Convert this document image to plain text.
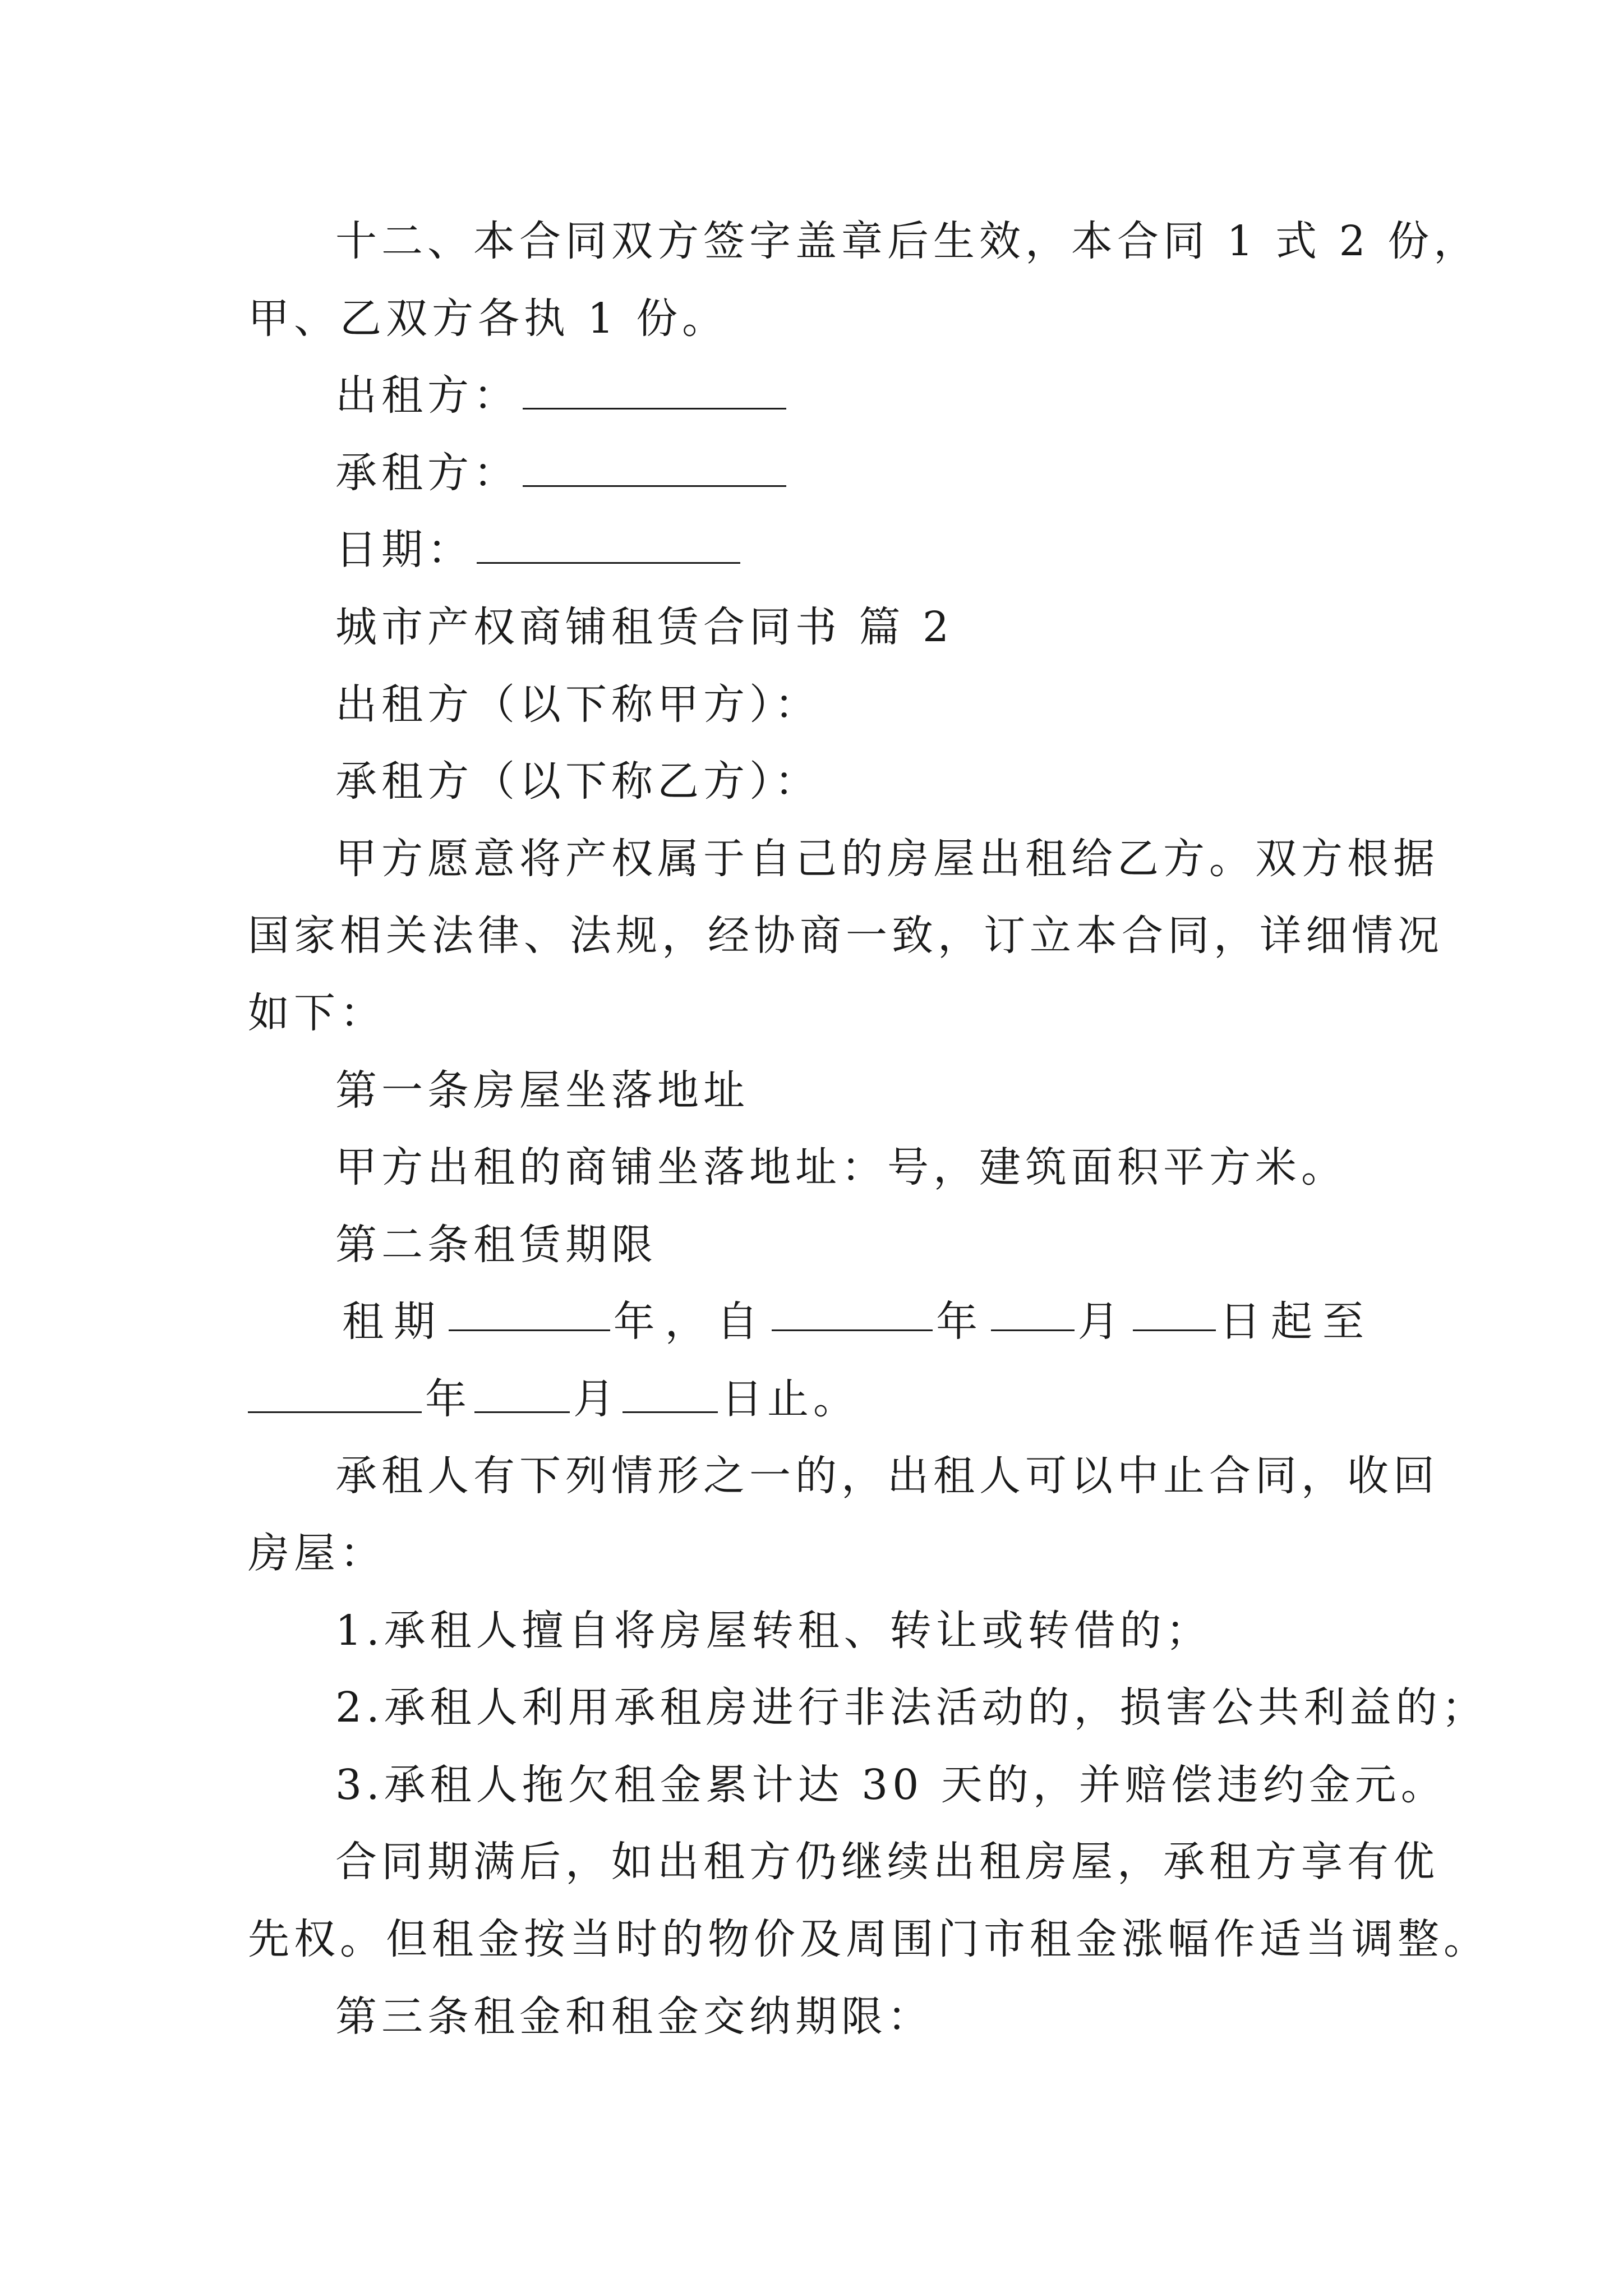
十二、本合同双方签字盖章后生效，本合同 1 式 2 份，
甲、乙双方各执 1 份。
出租方：
承租方：
日期：
城市产权商铺租赁合同书 篇 2
出租方（以下称甲方）：
承租方（以下称乙方）：
甲方愿意将产权属于自己的房屋出租给乙方。双方根据
国家相关法律、法规，经协商一致，订立本合同，详细情况
如下：
第一条房屋坐落地址
甲方出租的商铺坐落地址：号，建筑面积平方米。
第二条租赁期限
租期	年，自	年 月 日起至
年 月 日止。
承租人有下列情形之一的，出租人可以中止合同，收回
房屋：
1.承租人擅自将房屋转租、转让或转借的；
2.承租人利用承租房进行非法活动的，损害公共利益的；
3.承租人拖欠租金累计达 30 天的，并赔偿违约金元。
合同期满后，如出租方仍继续出租房屋，承租方享有优
先权。但租金按当时的物价及周围门市租金涨幅作适当调整。
第三条租金和租金交纳期限：
